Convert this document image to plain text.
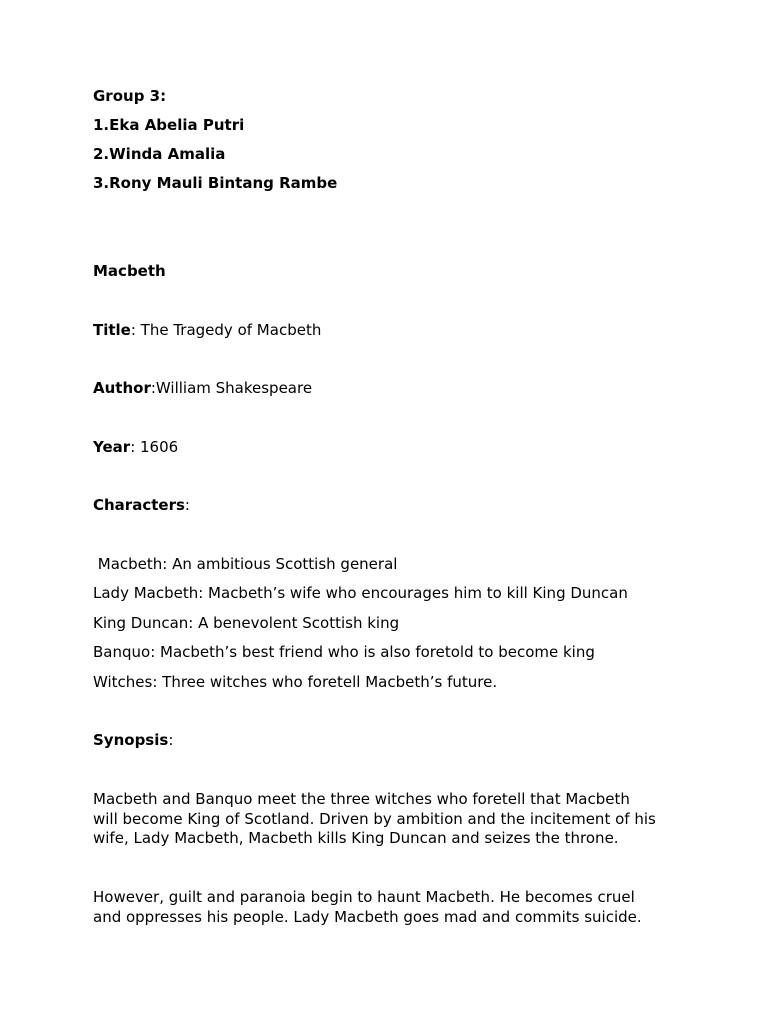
Group 3:
1.Eka Abelia Putri
2.Winda Amalia
3.Rony Mauli Bintang Rambe
Macbeth
Title: The Tragedy of Macbeth
Author:William Shakespeare
Year: 1606
Characters:
Macbeth: An ambitious Scottish general
Lady Macbeth: Macbeth’s wife who encourages him to kill King Duncan
King Duncan: A benevolent Scottish king
Banquo: Macbeth’s best friend who is also foretold to become king
Witches: Three witches who foretell Macbeth’s future.
Synopsis:
Macbeth and Banquo meet the three witches who foretell that Macbeth
will become King of Scotland. Driven by ambition and the incitement of his
wife, Lady Macbeth, Macbeth kills King Duncan and seizes the throne.
However, guilt and paranoia begin to haunt Macbeth. He becomes cruel
and oppresses his people. Lady Macbeth goes mad and commits suicide.
